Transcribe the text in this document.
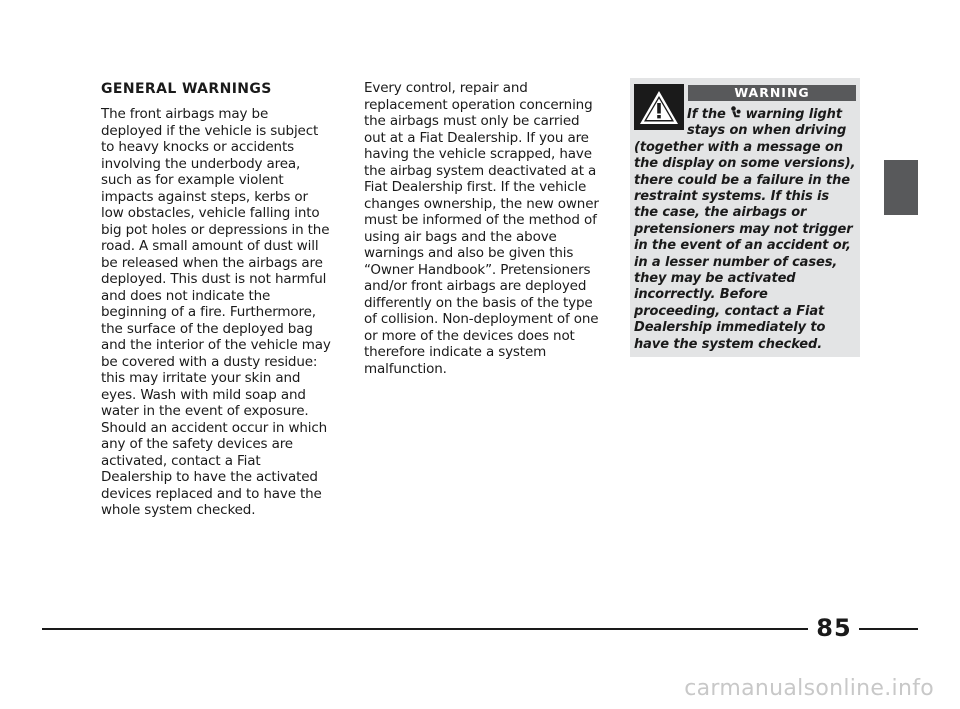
GENERAL WARNINGS

The front airbags may be deployed if the vehicle is subject to heavy knocks or accidents involving the underbody area, such as for example violent impacts against steps, kerbs or low obstacles, vehicle falling into big pot holes or depressions in the road. A small amount of dust will be released when the airbags are deployed. This dust is not harmful and does not indicate the beginning of a fire. Furthermore, the surface of the deployed bag and the interior of the vehicle may be covered with a dusty residue: this may irritate your skin and eyes. Wash with mild soap and water in the event of exposure. Should an accident occur in which any of the safety devices are activated, contact a Fiat Dealership to have the activated devices replaced and to have the whole system checked.

Every control, repair and replacement operation concerning the airbags must only be carried out at a Fiat Dealership. If you are having the vehicle scrapped, have the airbag system deactivated at a Fiat Dealership first. If the vehicle changes ownership, the new owner must be informed of the method of using air bags and the above warnings and also be given this “Owner Handbook”. Pretensioners and/or front airbags are deployed differently on the basis of the type of collision. Non-deployment of one or more of the devices does not therefore indicate a system malfunction.

WARNING
If the  warning light
stays on when driving
(together with a message on the display on some versions), there could be a failure in the restraint systems. If this is the case, the airbags or pretensioners may not trigger in the event of an accident or, in a lesser number of cases, they may be activated incorrectly. Before proceeding, contact a Fiat Dealership immediately to have the system checked.
85
carmanualsonline.info
